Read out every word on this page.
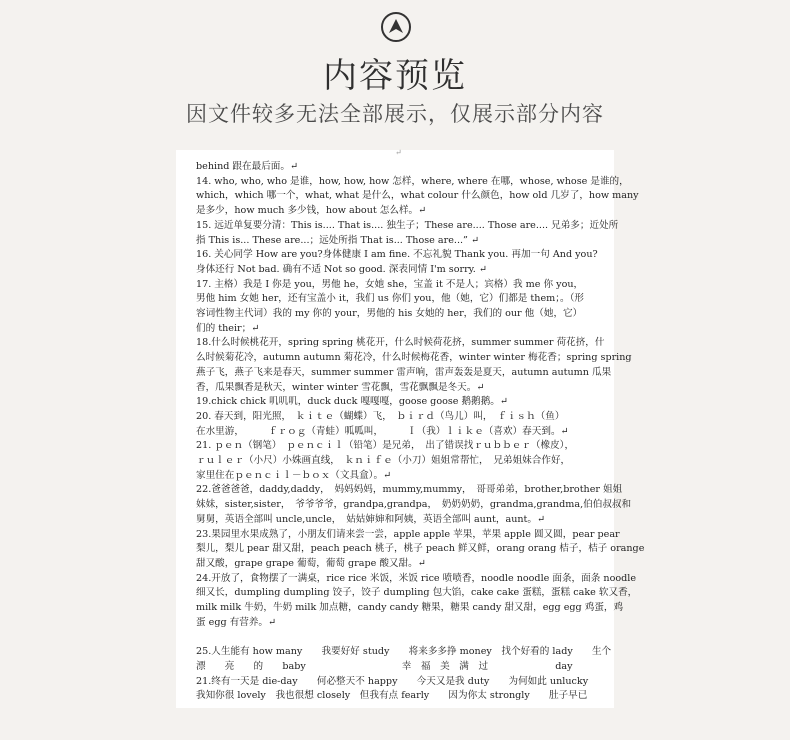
内容预览
因文件较多无法全部展示，仅展示部分内容
↵
behind 跟在最后面。↵
14. who, who, who 是谁，how, how, how 怎样，where, where 在哪，whose, whose 是谁的，
which，which 哪一个，what, what 是什么，what colour 什么颜色，how old 几岁了，how many
是多少，how much 多少钱，how about 怎么样。↵
15. 远近单复要分清：This is.... That is.... 独生子；These are.... Those are.... 兄弟多；近处所
指 This is... These are...；远处所指 That is... Those are...” ↵
16. 关心同学 How are you?身体健康 I am fine. 不忘礼貌 Thank you. 再加一句 And you?
身体还行 Not bad. 确有不适 Not so good. 深表同情 I'm sorry. ↵
17. 主格）我是 I 你是 you，男他 he，女她 she，宝盖 it 不是人；宾格）我 me 你 you，
男他 him 女她 her，还有宝盖小 it，我们 us 你们 you，他（她，它）们都是 them；。（形
容词性物主代词）我的 my 你的 your，男他的 his 女她的 her，我们的 our 他（她，它）
们的 their；↵
18.什么时候桃花开，spring spring 桃花开，什么时候荷花挤，summer summer 荷花挤，什
么时候菊花冷，autumn autumn 菊花冷，什么时候梅花香，winter winter 梅花香；spring spring
燕子飞，燕子飞来是春天，summer summer 雷声响，雷声轰轰是夏天，autumn autumn 瓜果
香，瓜果飘香是秋天，winter winter 雪花飘，雪花飘飘是冬天。↵
19.chick chick 叽叽叽，duck duck 嘎嘎嘎，goose goose 鹅鹅鹅。↵
20. 春天到，阳光照，　ｋｉｔｅ（蝴蝶）飞，　ｂｉｒｄ（鸟儿）叫，　ｆｉｓｈ（鱼）
在水里游，　　　ｆｒｏｇ（青蛙）呱呱叫，　　　Ｉ（我）ｌｉｋｅ（喜欢）春天到。↵
21. ｐｅｎ（钢笔）　ｐｅｎｃｉｌ（铅笔）是兄弟，　出了错误找ｒｕｂｂｅｒ（橡皮），
ｒｕｌｅｒ（小尺）小姝画直线，　ｋｎｉｆｅ（小刀）姐姐常帮忙，　兄弟姐妹合作好，
家里住在ｐｅｎｃｉｌ－ｂｏｘ（文具盒）。↵
22.爸爸爸爸，daddy,daddy，　妈妈妈妈，mummy,mummy，　哥哥弟弟，brother,brother 姐姐
妹妹，sister,sister，　爷爷爷爷，grandpa,grandpa，　奶奶奶奶，grandma,grandma,伯伯叔叔和
舅舅，英语全部叫 uncle,uncle，　姑姑婶婶和阿姨，英语全部叫 aunt，aunt。↵
23.果园里水果成熟了，小朋友们请来尝一尝，apple apple 苹果，苹果 apple 圆又圆，pear pear
梨儿，梨儿 pear 甜又甜，peach peach 桃子，桃子 peach 鲜又鲜，orang orang 桔子，桔子 orange
甜又酸，grape grape 葡萄，葡萄 grape 酸又甜。↵
24.开放了，食物摆了一满桌，rice rice 米饭，米饭 rice 喷喷香，noodle noodle 面条，面条 noodle
细又长，dumpling dumpling 饺子，饺子 dumpling 包大馅，cake cake 蛋糕，蛋糕 cake 软又香，
milk milk 牛奶，牛奶 milk 加点糖，candy candy 糖果，糖果 candy 甜又甜，egg egg 鸡蛋，鸡
蛋 egg 有营养。↵
25.人生能有 how many　　我要好好 study　　将来多多挣 money　找个好看的 lady　　生个
漂　　亮　　的　　baby　　　　　　　　　　幸　福　美　满　过　　　　　　　day
21.终有一天是 die-day　　何必整天不 happy　　今天又是我 duty　　为何如此 unlucky
我知你很 lovely　我也很想 closely　但我有点 fearly　　因为你太 strongly　　肚子早已
